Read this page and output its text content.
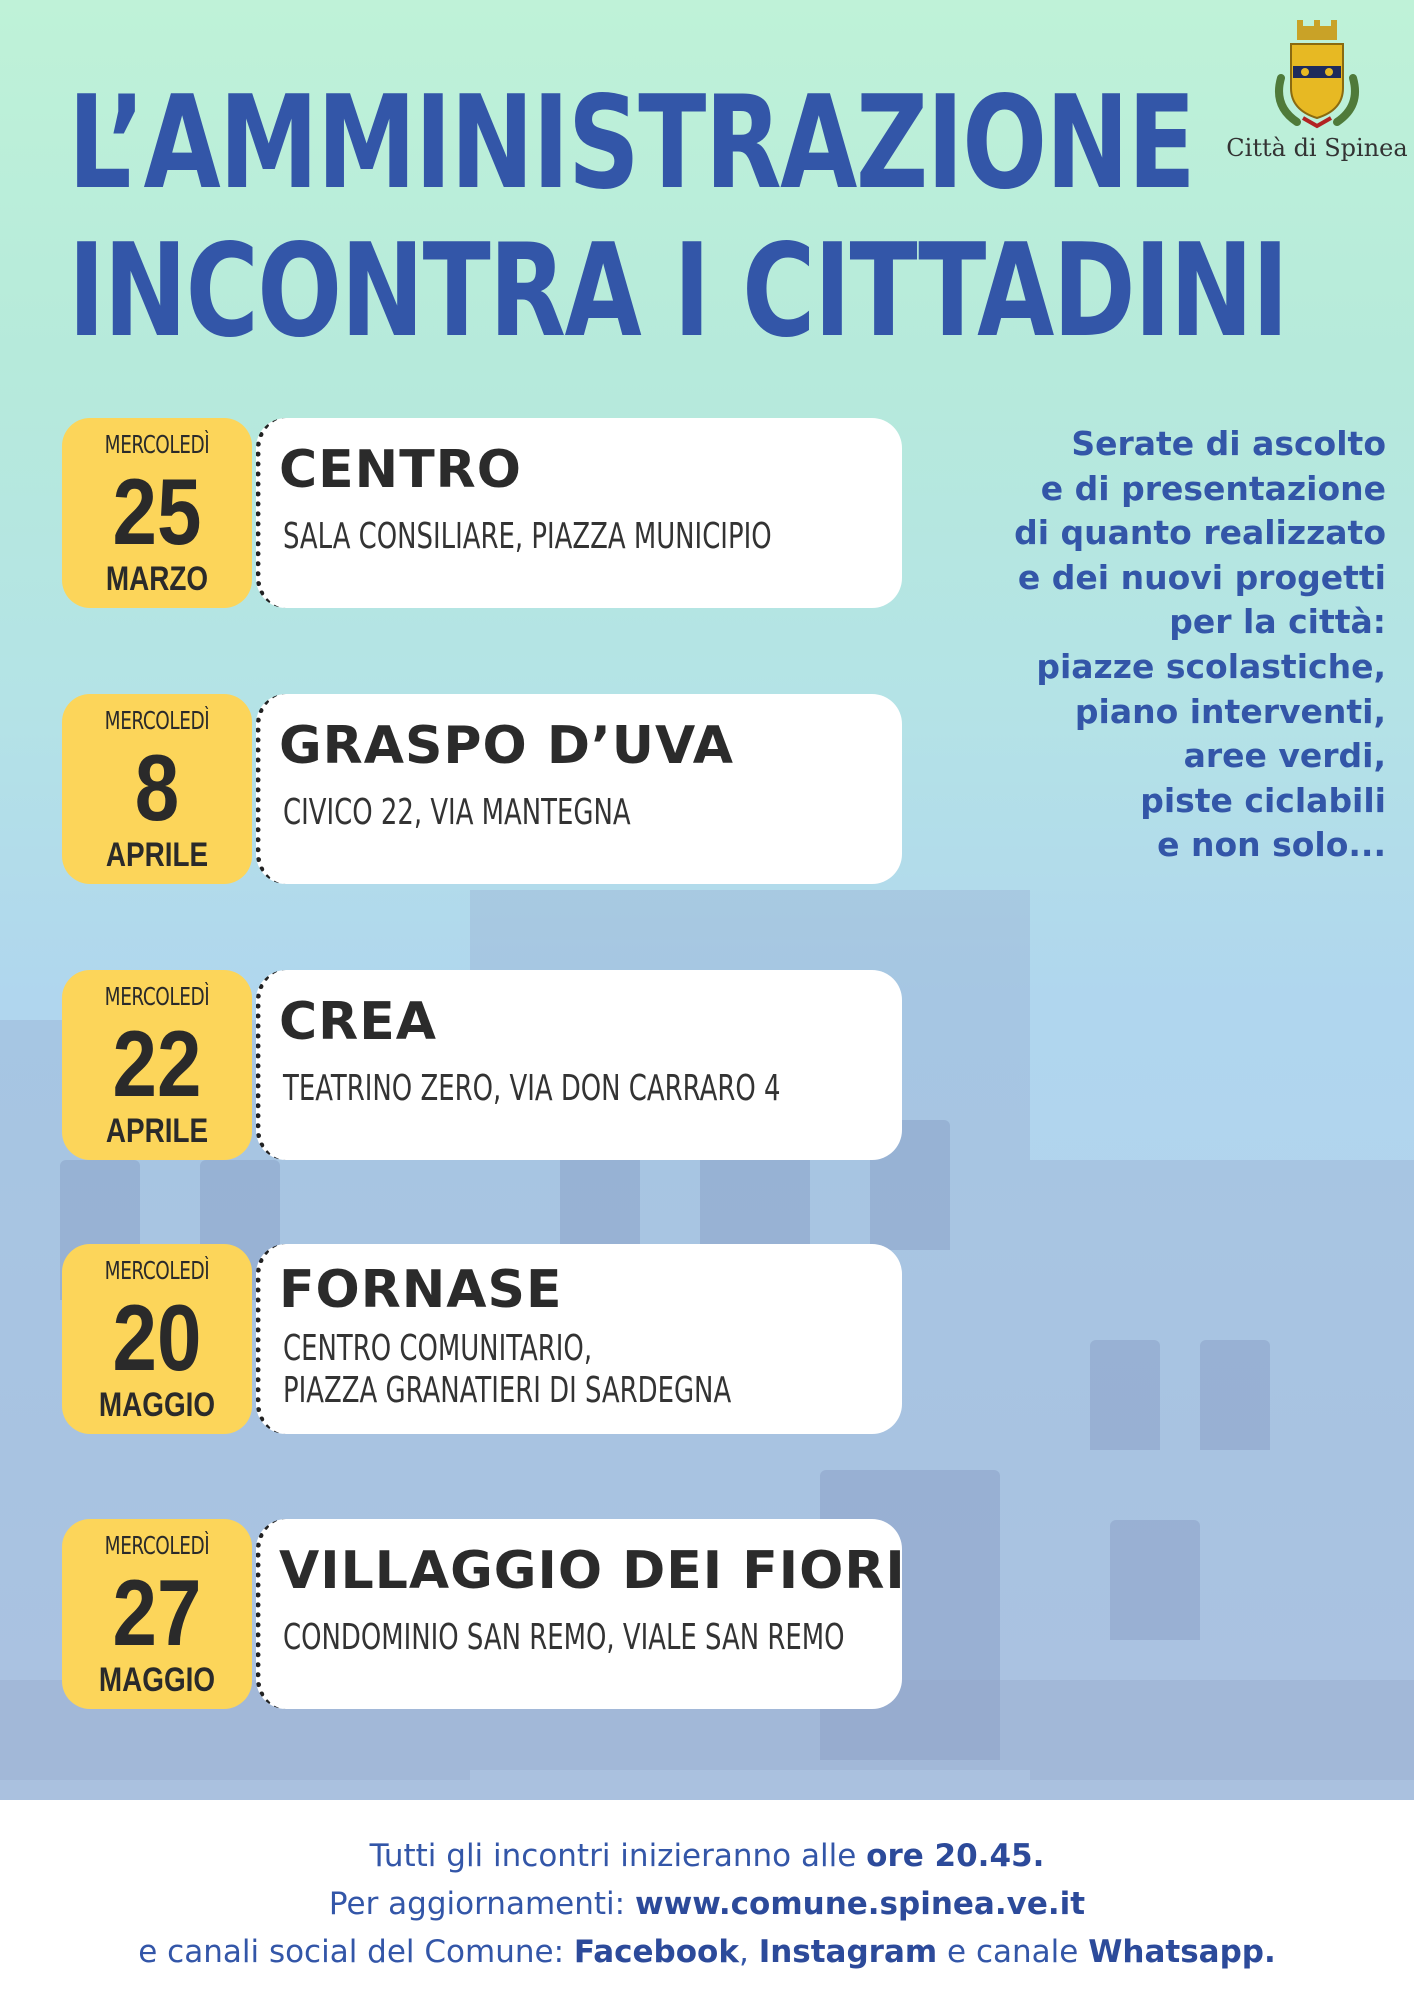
L’AMMINISTRAZIONE
INCONTRA I CITTADINI
Città di Spinea
MERCOLEDÌ
25
MARZO
CENTRO
SALA CONSILIARE, PIAZZA MUNICIPIO
MERCOLEDÌ
8
APRILE
GRASPO D’UVA
CIVICO 22, VIA MANTEGNA
MERCOLEDÌ
22
APRILE
CREA
TEATRINO ZERO, VIA DON CARRARO 4
MERCOLEDÌ
20
MAGGIO
FORNASE
CENTRO COMUNITARIO,
PIAZZA GRANATIERI DI SARDEGNA
MERCOLEDÌ
27
MAGGIO
VILLAGGIO DEI FIORI
CONDOMINIO SAN REMO, VIALE SAN REMO

Serate di ascolto
e di presentazione
di quanto realizzato
e dei nuovi progetti
per la città:
piazze scolastiche,
piano interventi,
aree verdi,
piste ciclabili
e non solo...

Tutti gli incontri inizieranno alle ore 20.45.
Per aggiornamenti: www.comune.spinea.ve.it
e canali social del Comune: Facebook, Instagram e canale Whatsapp.
